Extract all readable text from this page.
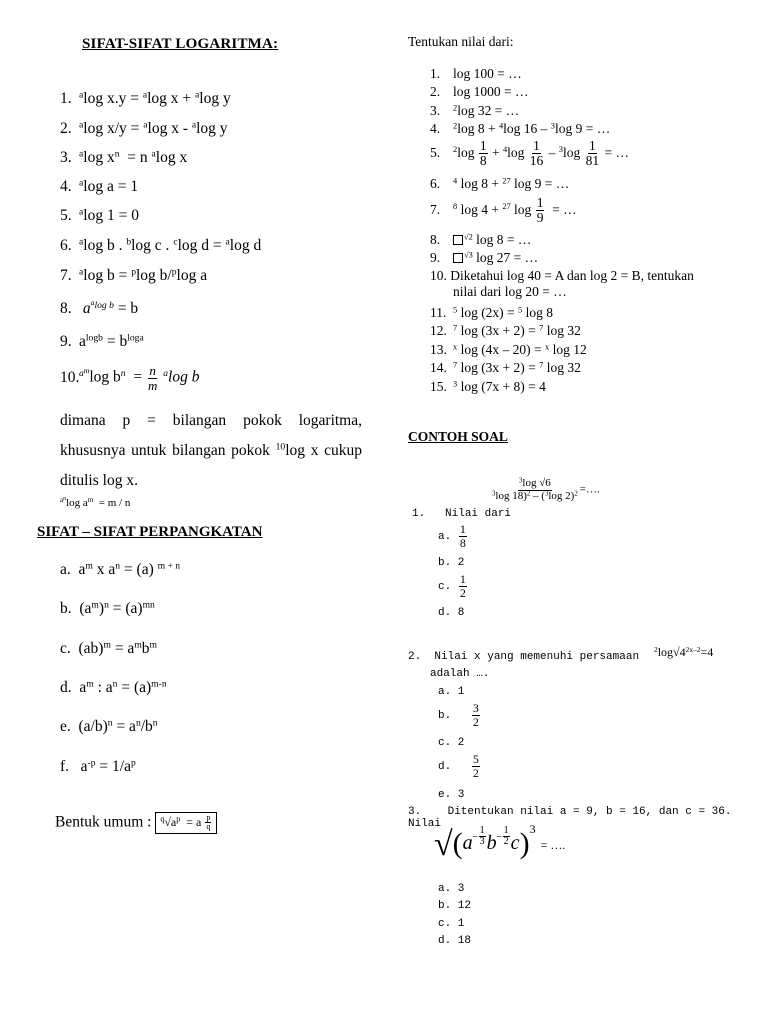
SIFAT-SIFAT LOGARITMA:
1. $^a$log x.y = $^a$log x + $^a$log y
2. $^a$log x/y = $^a$log x - $^a$log y
3. $^a$log $x^n = n$ $^a$log x
4. $^a$log a = 1
5. $^a$log 1 = 0
6. $^a$log b . $^b$log c . $^c$log d = $^a$log d
7. $^a$log b = $^p$log b/$^p$log a
8. $a^{^alog b} = b$
9. $a^{logb} = b^{loga}$
10.$^{a^m}$log $b^n = \frac{n}{m} ^a\log$ b
dimana p = bilangan pokok logaritma, khususnya untuk bilangan pokok $^{10}$log x cukup ditulis log x.
$^{an}$log $a^m = m / n$
SIFAT – SIFAT PERPANGKATAN
a.  $a^m$ x $a^n = (a)$ $^{m + n}$
b.  $(a^m)^n = (a)^{mn}$
c.  $(ab)^m = a^mb^m$
d.  $a^m$ : $a^n = (a)^{m-n}$
e.  $(a/b)^n = a^n/b^n$
f.   $a^{-p} = 1/a^p$
Bentuk umum : $^q√a^p = a \frac{p}{q}$
Tentukan nilai dari:
1. log 100 = …
2. log 1000 = …
3. $^2$log 32 = …
4. $^2$log 8 + $^4$log 16 – $^3$log 9 = …
5. $^2\log \frac{1}{8} + ^4\log \frac{1}{16} - ^3\log \frac{1}{81}$ = …
6. $^4$ log 8 + $^{27}$ log 9 = …
7. $^8$ log 4 + $^{27}$ $\log \frac{1}{9}$ = …
8.	$^{√2}$ log 8 = …
9.	$^{√3}$ log 27 = …
10. Diketahui log 40 = A dan log 2 = B, tentukan
nilai dari log 20 = …
11. $^5$ log (2x) = $^5$ log 8
12. $^7$ log (3x + 2) = $^7$ log 32
13. $^x$ log (4x – 20) = $^x$ log 12
14. $^7$ log (3x + 2) = $^7$ log 32
15. $^3$ log (7x + 8) = 4
CONTOH SOAL
1.   Nilai dari
$\frac{^3\log √6}{^3\log 18)^2 - (^3\log 2)^2}$ =….
a. $\frac{1}{8}$
b. 2
c. $\frac{1}{2}$
d. 8
2.  Nilai x yang memenuhi persamaan
$^2\log√4^{2x-2}=4$
adalah ….
a. 1
b. $\frac{3}{2}$
c. 2
d. $\frac{5}{2}$
e. 3
3.    Ditentukan nilai a = 9, b = 16, dan c = 36. Nilai
$√(a^{- \frac{1}{3}}$ $b^{- \frac{1}{2}}$ c)$^3$ = ….
a. 3
b. 12
c. 1
d. 18
